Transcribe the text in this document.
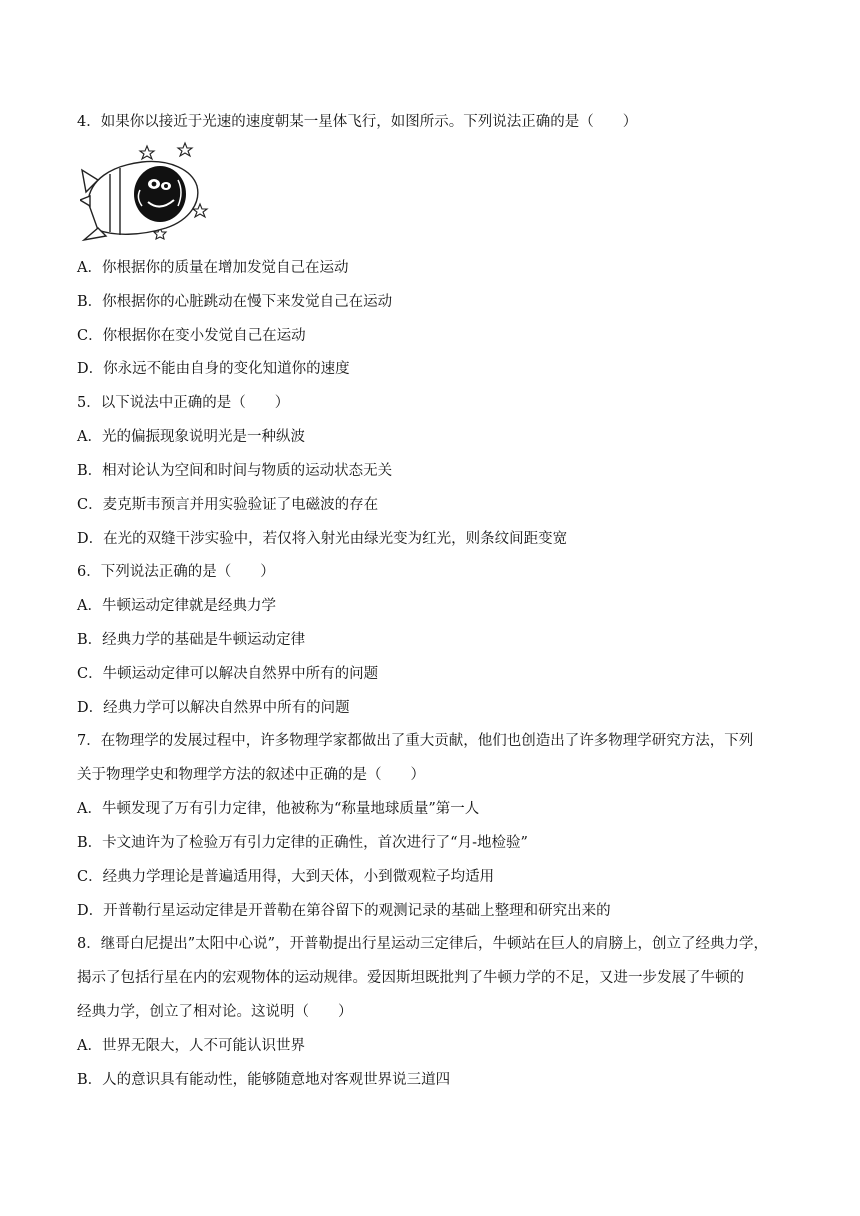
4．如果你以接近于光速的速度朝某一星体飞行，如图所示。下列说法正确的是（　　）
A．你根据你的质量在增加发觉自己在运动
B．你根据你的心脏跳动在慢下来发觉自己在运动
C．你根据你在变小发觉自己在运动
D．你永远不能由自身的变化知道你的速度
5．以下说法中正确的是（　　）
A．光的偏振现象说明光是一种纵波
B．相对论认为空间和时间与物质的运动状态无关
C．麦克斯韦预言并用实验验证了电磁波的存在
D．在光的双缝干涉实验中，若仅将入射光由绿光变为红光，则条纹间距变宽
6．下列说法正确的是（　　）
A．牛顿运动定律就是经典力学
B．经典力学的基础是牛顿运动定律
C．牛顿运动定律可以解决自然界中所有的问题
D．经典力学可以解决自然界中所有的问题
7．在物理学的发展过程中，许多物理学家都做出了重大贡献，他们也创造出了许多物理学研究方法，下列
关于物理学史和物理学方法的叙述中正确的是（　　）
A．牛顿发现了万有引力定律，他被称为“称量地球质量”第一人
B．卡文迪许为了检验万有引力定律的正确性，首次进行了“月-地检验”
C．经典力学理论是普遍适用得，大到天体，小到微观粒子均适用
D．开普勒行星运动定律是开普勒在第谷留下的观测记录的基础上整理和研究出来的
8．继哥白尼提出”太阳中心说”，开普勒提出行星运动三定律后，牛顿站在巨人的肩膀上，创立了经典力学，
揭示了包括行星在内的宏观物体的运动规律。爱因斯坦既批判了牛顿力学的不足，又进一步发展了牛顿的
经典力学，创立了相对论。这说明（　　）
A．世界无限大，人不可能认识世界
B．人的意识具有能动性，能够随意地对客观世界说三道四
